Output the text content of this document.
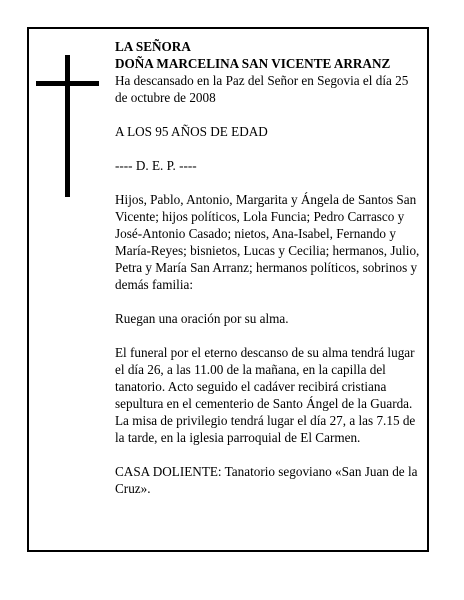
LA SEÑORA

DOÑA MARCELINA SAN VICENTE ARRANZ

Ha descansado en la Paz del Señor en Segovia el día 25 de octubre de 2008

A LOS 95 AÑOS DE EDAD

---- D. E. P. ----

Hijos, Pablo, Antonio, Margarita y Ángela de Santos San Vicente; hijos políticos, Lola Funcia; Pedro Carrasco y José-Antonio Casado; nietos, Ana-Isabel, Fernando y María-Reyes; bisnietos, Lucas y Cecilia; hermanos, Julio, Petra y María San Arranz; hermanos políticos, sobrinos y demás familia:

Ruegan una oración por su alma.

El funeral por el eterno descanso de su alma tendrá lugar el día 26, a las 11.00 de la mañana, en la capilla del tanatorio. Acto seguido el cadáver recibirá cristiana sepultura en el cementerio de Santo Ángel de la Guarda. La misa de privilegio tendrá lugar el día 27, a las 7.15 de la tarde, en la iglesia parroquial de El Carmen.

CASA DOLIENTE: Tanatorio segoviano «San Juan de la Cruz».
